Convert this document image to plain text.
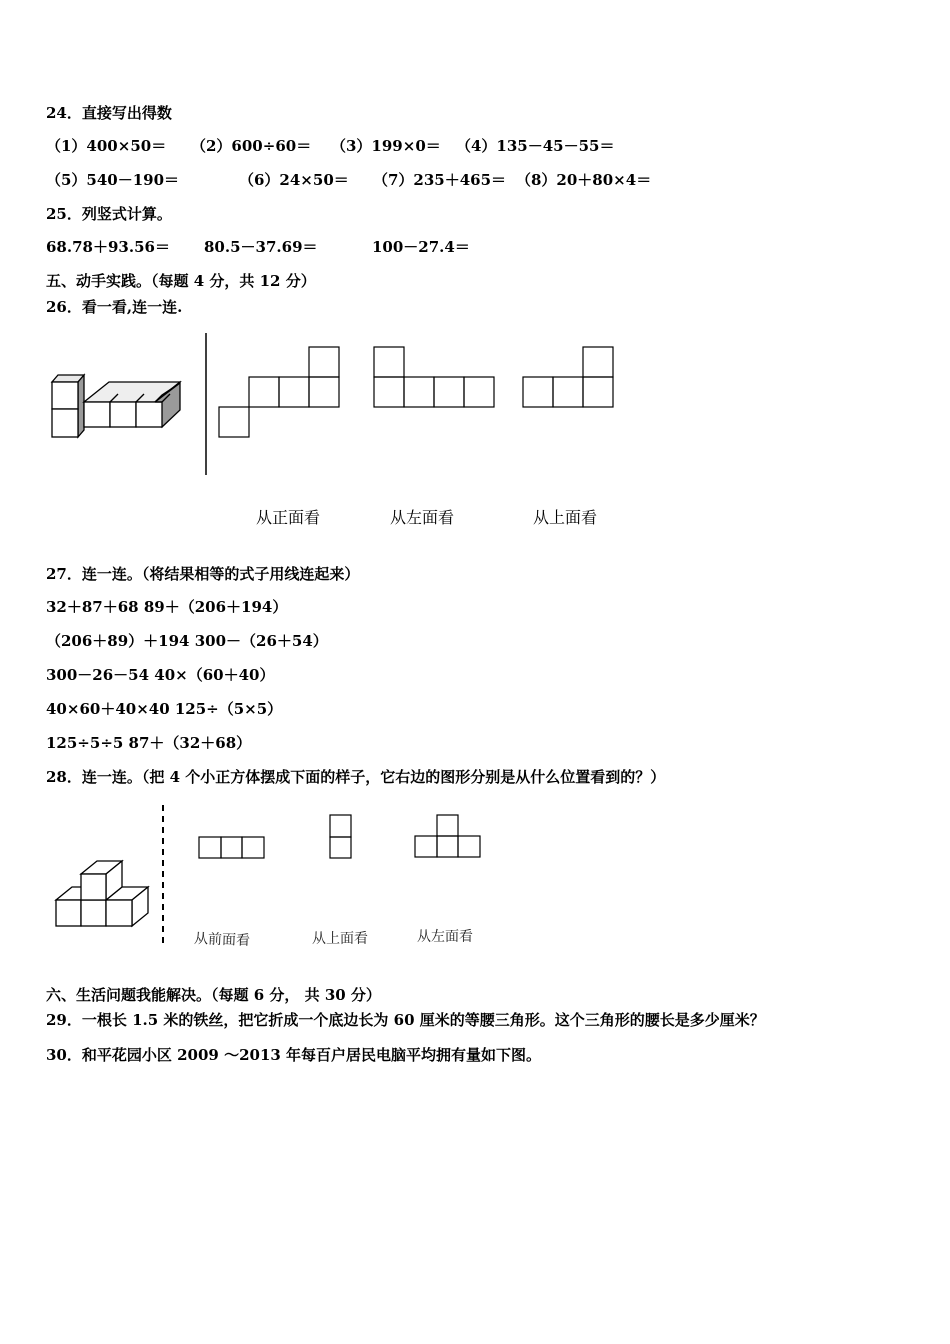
24．直接写出得数
（1）400×50＝ （2）600÷60＝ （3）199×0＝ （4）135－45－55＝
（5）540－190＝	（6）24×50＝ （7）235＋465＝ （8）20＋80×4＝
25．列竖式计算。
68.78＋93.56＝ 80.5－37.69＝	100－27.4＝
五、动手实践。（每题 4 分，共 12 分）
26．看一看,连一连.
从正面看	从左面看	从上面看
27．连一连。（将结果相等的式子用线连起来）
32＋87＋68 89＋（206＋194）
（206＋89）＋194 300－（26＋54）
300－26－54 40×（60＋40）
40×60＋40×40 125÷（5×5）
125÷5÷5 87＋（32＋68）
28．连一连。（把 4 个小正方体摆成下面的样子，它右边的图形分别是从什么位置看到的？）
从前面看	从上面看	从左面看
六、生活问题我能解决。（每题 6 分， 共 30 分）
29．一根长 1.5 米的铁丝，把它折成一个底边长为 60 厘米的等腰三角形。这个三角形的腰长是多少厘米？
30．和平花园小区 2009 ～2013 年每百户居民电脑平均拥有量如下图。
